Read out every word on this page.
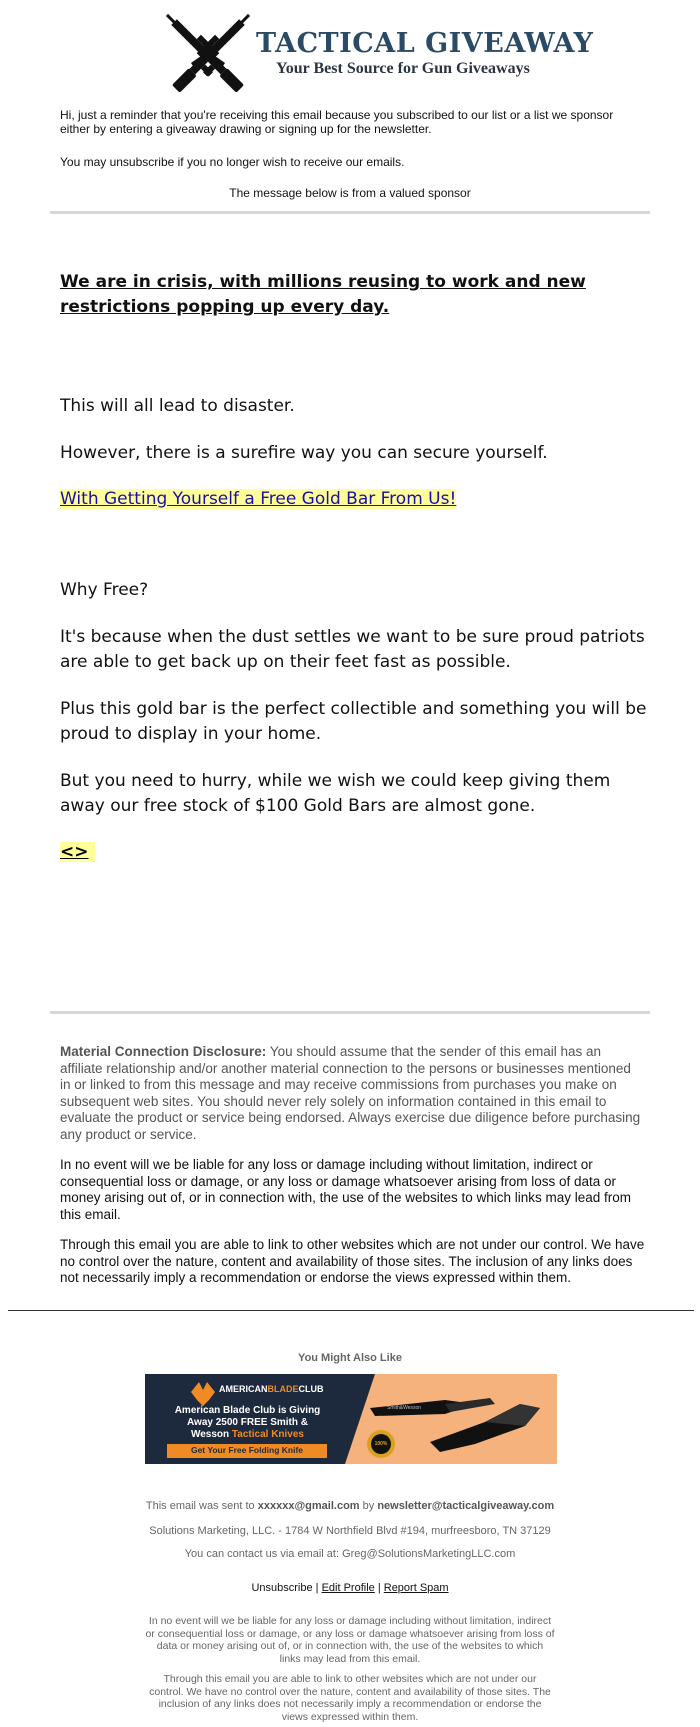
TACTICAL GIVEAWAY
Your Best Source for Gun Giveaways
Hi, just a reminder that you're receiving this email because you subscribed to our list or a list we sponsor either by entering a giveaway drawing or signing up for the newsletter.
You may unsubscribe if you no longer wish to receive our emails.
The message below is from a valued sponsor
We are in crisis, with millions reusing to work and new restrictions popping up every day.
This will all lead to disaster.
However, there is a surefire way you can secure yourself.
With Getting Yourself a Free Gold Bar From Us!
Why Free?
It's because when the dust settles we want to be sure proud patriots are able to get back up on their feet fast as possible.
Plus this gold bar is the perfect collectible and something you will be proud to display in your home.
But you need to hurry, while we wish we could keep giving them away our free stock of $100 Gold Bars are almost gone.
<>
Material Connection Disclosure: You should assume that the sender of this email has an affiliate relationship and/or another material connection to the persons or businesses mentioned in or linked to from this message and may receive commissions from purchases you make on subsequent web sites. You should never rely solely on information contained in this email to evaluate the product or service being endorsed. Always exercise due diligence before purchasing any product or service.
In no event will we be liable for any loss or damage including without limitation, indirect or consequential loss or damage, or any loss or damage whatsoever arising from loss of data or money arising out of, or in connection with, the use of the websites to which links may lead from this email.
Through this email you are able to link to other websites which are not under our control. We have no control over the nature, content and availability of those sites. The inclusion of any links does not necessarily imply a recommendation or endorse the views expressed within them.
You Might Also Like
AMERICANBLADECLUB
American Blade Club is Giving
Away 2500 FREE Smith &
Wesson Tactical Knives
Get Your Free Folding Knife
100%
Smith&Wesson
This email was sent to xxxxxx@gmail.com by newsletter@tacticalgiveaway.com
Solutions Marketing, LLC. - 1784 W Northfield Blvd #194, murfreesboro, TN 37129
You can contact us via email at: Greg@SolutionsMarketingLLC.com
Unsubscribe | Edit Profile | Report Spam
In no event will we be liable for any loss or damage including without limitation, indirect or consequential loss or damage, or any loss or damage whatsoever arising from loss of data or money arising out of, or in connection with, the use of the websites to which links may lead from this email.
Through this email you are able to link to other websites which are not under our control. We have no control over the nature, content and availability of those sites. The inclusion of any links does not necessarily imply a recommendation or endorse the views expressed within them.
